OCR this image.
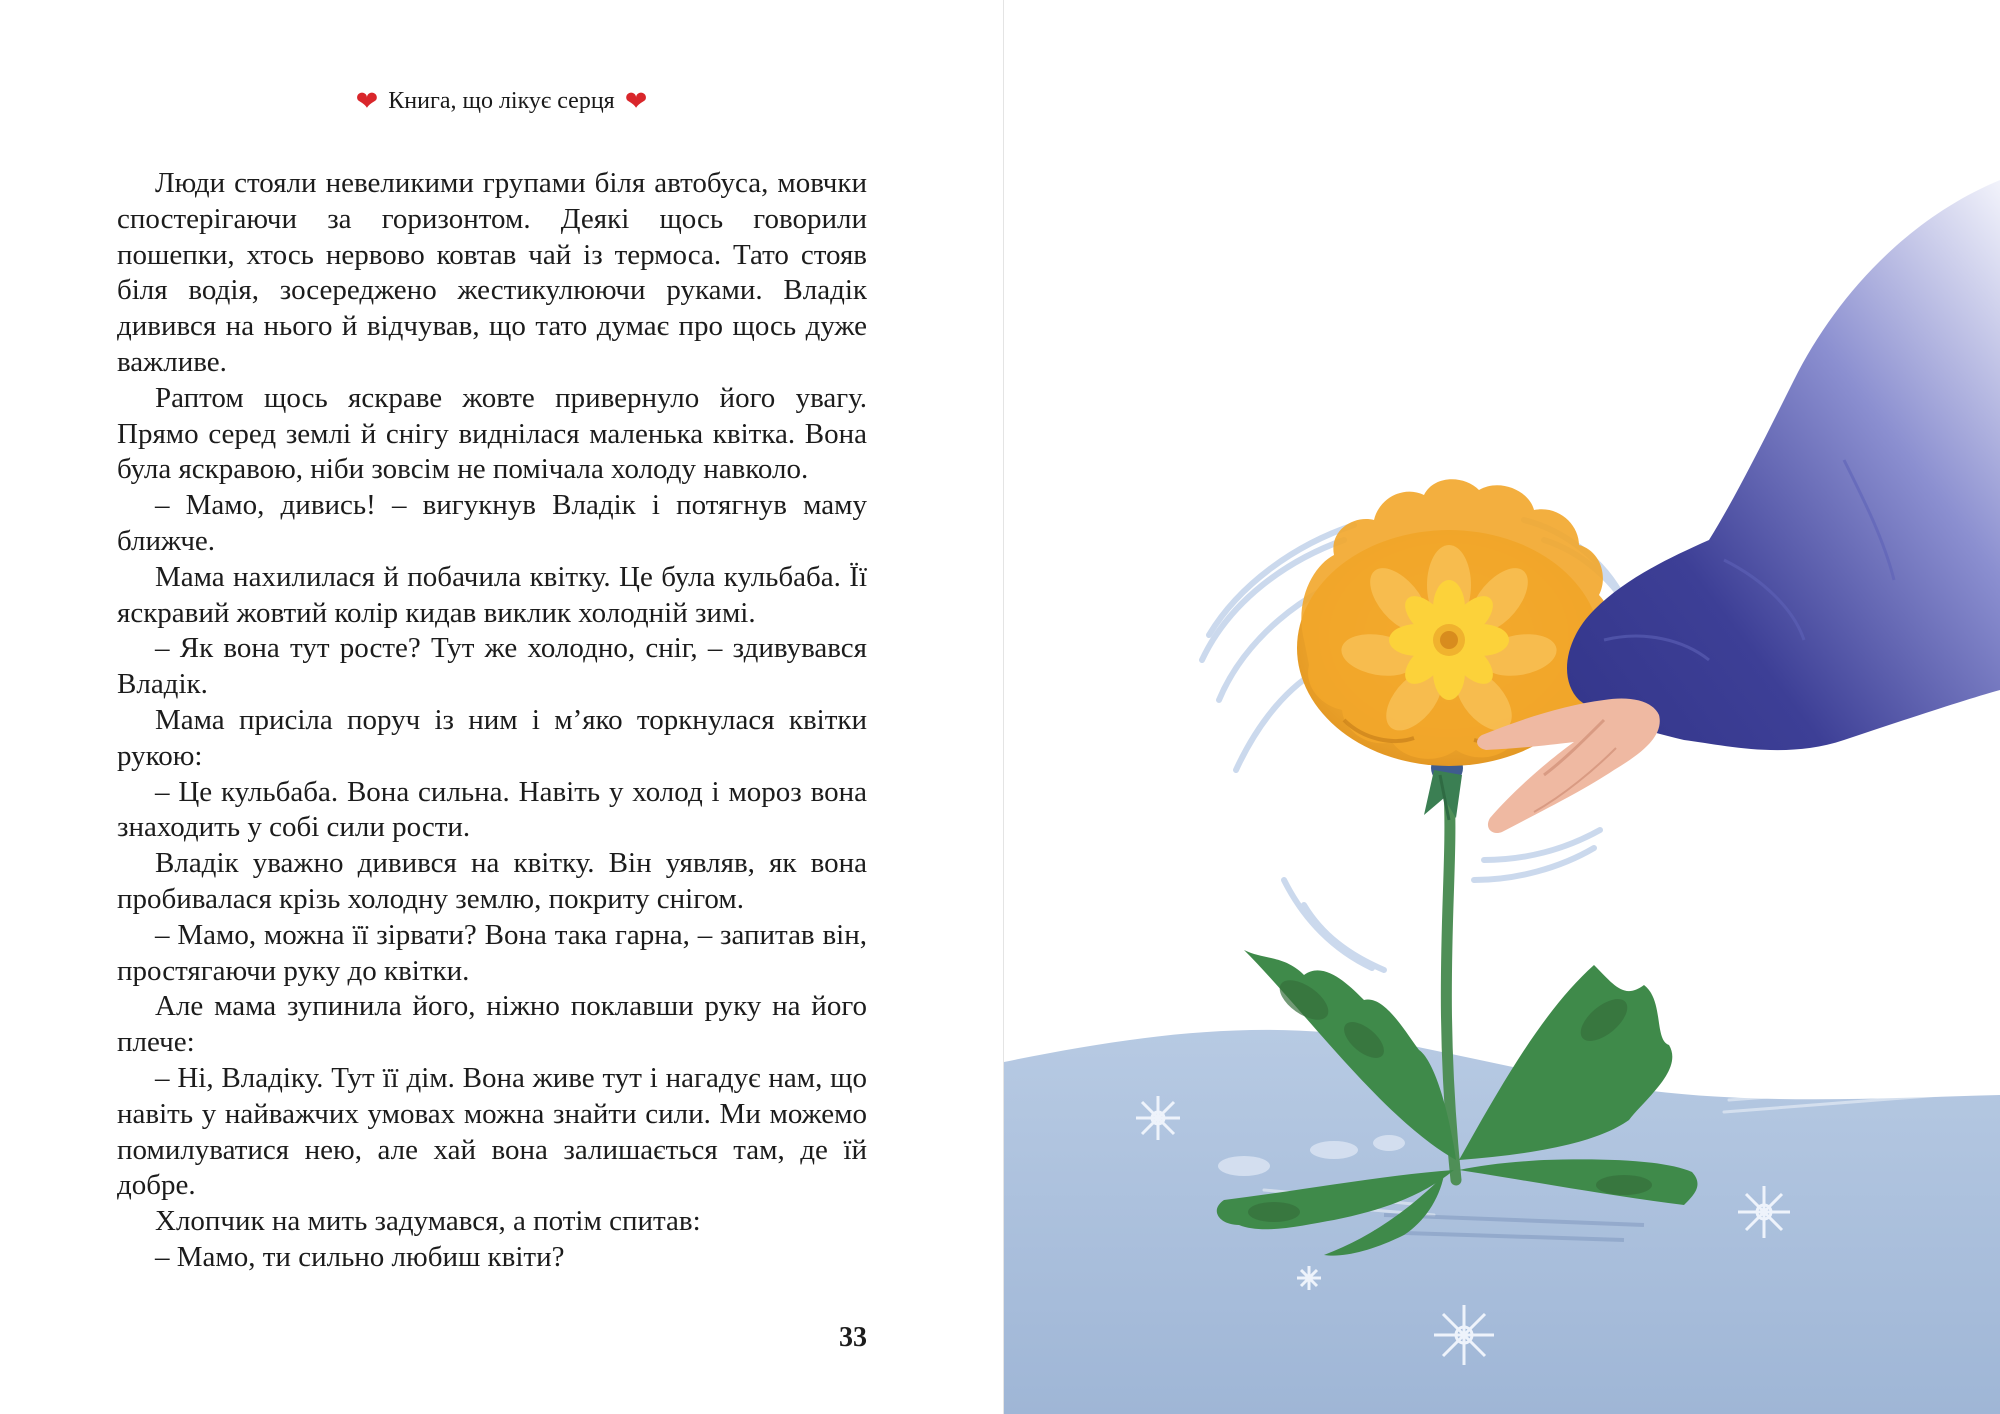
❤ Книга, що лікує серця ❤

Люди стояли невеликими групами біля автобуса, мовчки спостерігаючи за горизонтом. Деякі щось говорили пошепки, хтось нервово ковтав чай із термоса. Тато стояв біля водія, зосереджено жестикулюючи руками. Владік дивився на нього й відчував, що тато думає про щось дуже важливе.

Раптом щось яскраве жовте привернуло його увагу. Прямо серед землі й снігу виднілася маленька квітка. Вона була яскравою, ніби зовсім не помічала холоду навколо.

– Мамо, дивись! – вигукнув Владік і потягнув маму ближче.

Мама нахилилася й побачила квітку. Це була кульбаба. Її яскравий жовтий колір кидав виклик холодній зимі.

– Як вона тут росте? Тут же холодно, сніг, – здивувався Владік.

Мама присіла поруч із ним і м’яко торкнулася квітки рукою:

– Це кульбаба. Вона сильна. Навіть у холод і мороз вона знаходить у собі сили рости.

Владік уважно дивився на квітку. Він уявляв, як вона пробивалася крізь холодну землю, покриту снігом.

– Мамо, можна її зірвати? Вона така гарна, – запитав він, простягаючи руку до квітки.

Але мама зупинила його, ніжно поклавши руку на його плече:

– Ні, Владіку. Тут її дім. Вона живе тут і нагадує нам, що навіть у найважчих умовах можна знайти сили. Ми можемо помилуватися нею, але хай вона залишається там, де їй добре.

Хлопчик на мить задумався, а потім спитав:

– Мамо, ти сильно любиш квіти?

33
